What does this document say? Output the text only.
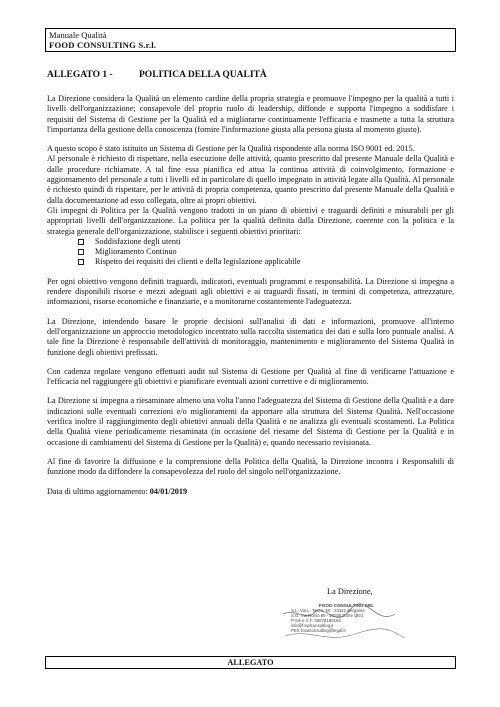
Manuale Qualità
FOOD CONSULTING S.r.l.
ALLEGATO 1 -	POLITICA DELLA QUALITÀ

La Direzione considera la Qualità un elemento cardine della propria strategia e promuove l'impegno per la qualità a tutti i livelli dell'organizzazione; consapevole del proprio ruolo di leadership, diffonde e supporta l'impegno a soddisfare i requisiti del Sistema di Gestione per la Qualità ed a migliorarne continuamente l'efficacia e trasmette a tutta la struttura l'importanza della gestione della conoscenza (fornire l'informazione giusta alla persona giusta al momento giusto).

A questo scopo è stato istituito un Sistema di Gestione per la Qualità rispondente alla norma ISO 9001 ed. 2015.

Al personale è richiesto di rispettare, nella esecuzione delle attività, quanto prescritto dal presente Manuale della Qualità e dalle procedure richiamate. A tal fine essa pianifica ed attua la continua attività di coinvolgimento, formazione e aggiornamento del personale a tutti i livelli ed in particolare di quello impegnato in attività legate alla Qualità. Al personale è richiesto quindi di rispettare, per le attività di propria competenza, quanto prescritto dal presente Manuale della Qualità e dalla documentazione ad esso collegata, oltre ai propri obiettivi.

Gli impegni di Politica per la Qualità vengono tradotti in un piano di obiettivi e traguardi definiti e misurabili per gli appropriati livelli dell'organizzazione. La politica per la qualità definita dalla Direzione, coerente con la politica e la strategia generale dell'organizzazione, stabilisce i seguenti obiettivi prioritari:

Soddisfazione degli utenti
Miglioramento Continuo
Rispetto dei requisiti dei clienti e della legislazione applicabile

Per ogni obiettivo vengono definiti traguardi, indicatori, eventuali programmi e responsabilità. La Direzione si impegna a rendere disponibili risorse e mezzi adeguati agli obiettivi e ai traguardi fissati, in termini di competenza, attrezzature, informazioni, risorse economiche e finanziarie, e a monitorarne costantemente l'adeguatezza.

La Direzione, intendendo basare le proprie decisioni sull'analisi di dati e informazioni, promuove all'interno dell'organizzazione un approccio metodologico incentrato sulla raccolta sistematica dei dati e sulla loro puntuale analisi. A tale fine la Direzione è responsabile dell'attività di monitoraggio, mantenimento e miglioramento del Sistema Qualità in funzione degli obiettivi prefissati.

Con cadenza regolare vengono effettuati audit sul Sistema di Gestione per Qualità al fine di verificarne l'attuazione e l'efficacia nel raggiungere gli obiettivi e pianificare eventuali azioni correttive e di miglioramento.

La Direzione si impegna a riesaminare almeno una volta l'anno l'adeguatezza del Sistema di Gestione della Qualità e a dare indicazioni sulle eventuali correzioni e/o miglioramenti da apportare alla struttura del Sistema Qualità. Nell'occasione verifica inoltre il raggiungimento degli obiettivi annuali della Qualità e ne analizza gli eventuali scostamenti. La Politica della Qualità viene periodicamente riesaminata (in occasione del riesame del Sistema di Gestione per la Qualità e in occasione di cambiamenti del Sistema di Gestione per la Qualità) e, quando necessario revisionata.

Al fine di favorire la diffusione e la comprensione della Politica della Qualità, la Direzione incontra i Responsabili di funzione modo da diffondere la consapevolezza del ruolo del singolo nell'organizzazione.

Data di ultimo aggiornamento: 04/01/2019

La Direzione,
FOOD CONSULTING SRL
S.L. Via L. Tasso, 50 - 24121 Bergamo
S.O. Via Roma 89 - 20030 Corte (BG)
P.IVA e C.F. 03678180163
info@foodconsulting.it
PEC foodconsulting@legal.it
ALLEGATO
